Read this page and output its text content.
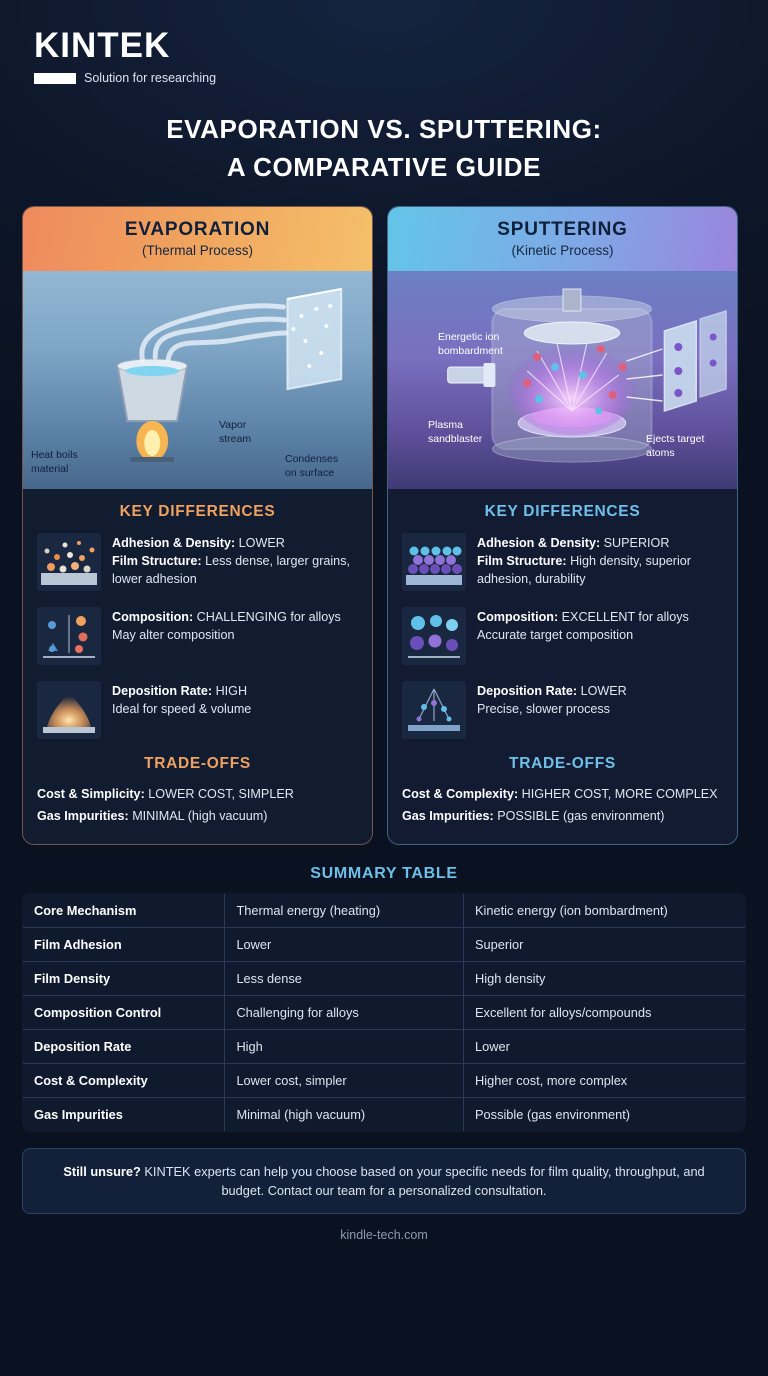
KINTEK
Solution for researching
EVAPORATION VS. SPUTTERING:
A COMPARATIVE GUIDE
EVAPORATION
(Thermal Process)
Heat boils
material
Vapor
stream
Condenses
on surface
KEY DIFFERENCES
Adhesion & Density: LOWER
Film Structure: Less dense, larger grains, lower adhesion
Composition: CHALLENGING for alloys
May alter composition
Deposition Rate: HIGH
Ideal for speed & volume
TRADE-OFFS
Cost & Simplicity: LOWER COST, SIMPLER
Gas Impurities: MINIMAL (high vacuum)
SPUTTERING
(Kinetic Process)
Energetic ion
bombardment
Plasma
sandblaster	Ejects target
atoms
KEY DIFFERENCES
Adhesion & Density: SUPERIOR
Film Structure: High density, superior adhesion, durability
Composition: EXCELLENT for alloys
Accurate target composition
Deposition Rate: LOWER
Precise, slower process
TRADE-OFFS
Cost & Complexity: HIGHER COST, MORE COMPLEX
Gas Impurities: POSSIBLE (gas environment)
SUMMARY TABLE
Core Mechanism	Thermal energy (heating)	Kinetic energy (ion bombardment)
Film Adhesion	Lower	Superior
Film Density	Less dense	High density
Composition Control	Challenging for alloys	Excellent for alloys/compounds
Deposition Rate	High	Lower
Cost & Complexity	Lower cost, simpler	Higher cost, more complex
Gas Impurities	Minimal (high vacuum)	Possible (gas environment)
Still unsure? KINTEK experts can help you choose based on your specific needs for film quality, throughput, and budget. Contact our team for a personalized consultation.
kindle-tech.com
